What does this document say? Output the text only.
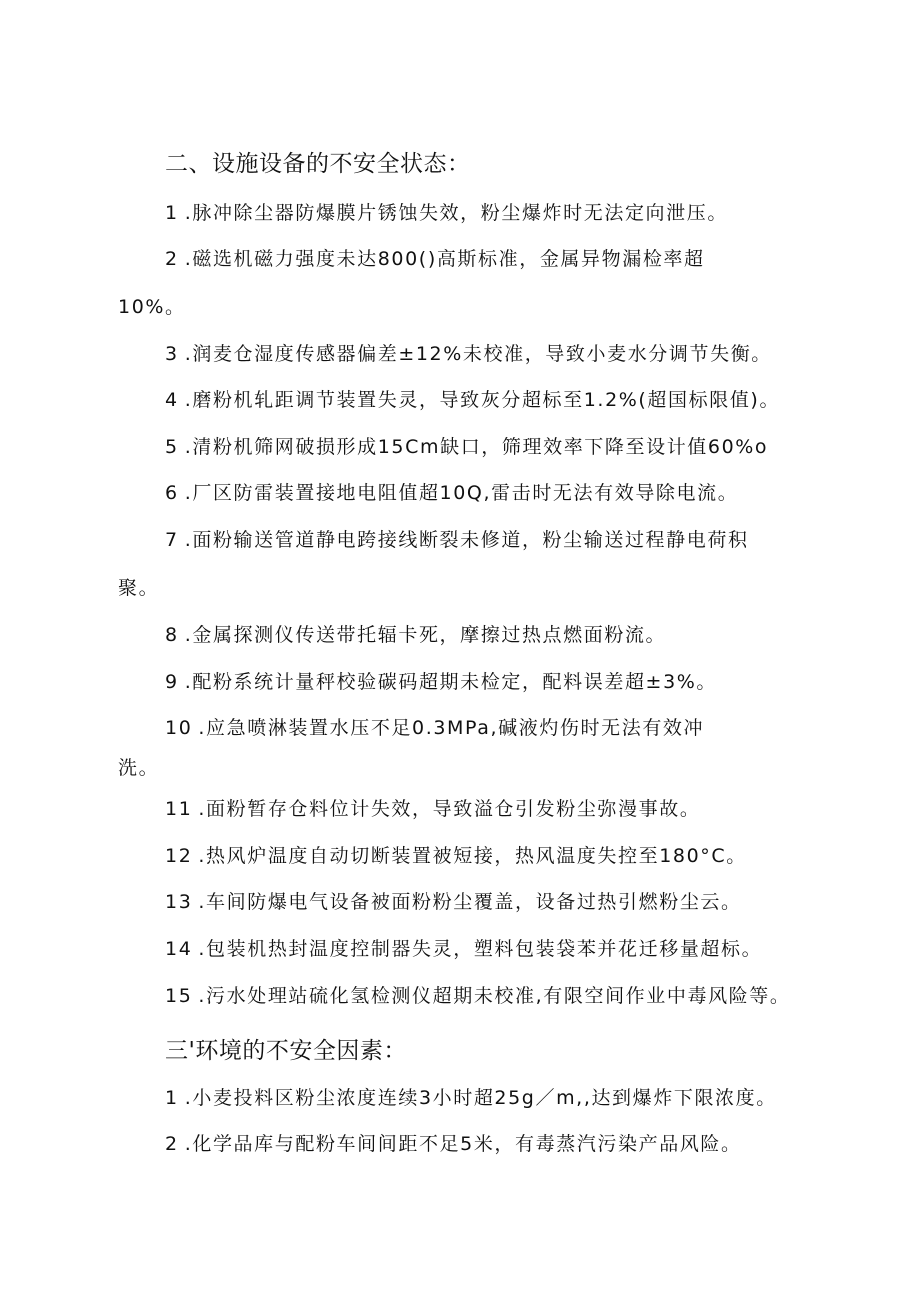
二、设施设备的不安全状态：
1 .脉冲除尘器防爆膜片锈蚀失效，粉尘爆炸时无法定向泄压。
2 .磁选机磁力强度未达800()高斯标准，金属异物漏检率超
10%。
3 .润麦仓湿度传感器偏差±12%未校准，导致小麦水分调节失衡。
4 .磨粉机轧距调节装置失灵，导致灰分超标至1.2%(超国标限值)。
5 .清粉机筛网破损形成15Cm缺口，筛理效率下降至设计值60%o
6 .厂区防雷装置接地电阻值超10Q,雷击时无法有效导除电流。
7 .面粉输送管道静电跨接线断裂未修道，粉尘输送过程静电荷积
聚。
8 .金属探测仪传送带托辐卡死，摩擦过热点燃面粉流。
9 .配粉系统计量秤校验碳码超期未检定，配料误差超±3%。
10 .应急喷淋装置水压不足0.3MPa,碱液灼伤时无法有效冲
洗。
11 .面粉暂存仓料位计失效，导致溢仓引发粉尘弥漫事故。
12 .热风炉温度自动切断装置被短接，热风温度失控至180°C。
13 .车间防爆电气设备被面粉粉尘覆盖，设备过热引燃粉尘云。
14 .包装机热封温度控制器失灵，塑料包装袋苯并花迁移量超标。
15 .污水处理站硫化氢检测仪超期未校准,有限空间作业中毒风险等。
三'环境的不安全因素：
1 .小麦投料区粉尘浓度连续3小时超25g／m,,达到爆炸下限浓度。
2 .化学品库与配粉车间间距不足5米，有毒蒸汽污染产品风险。
